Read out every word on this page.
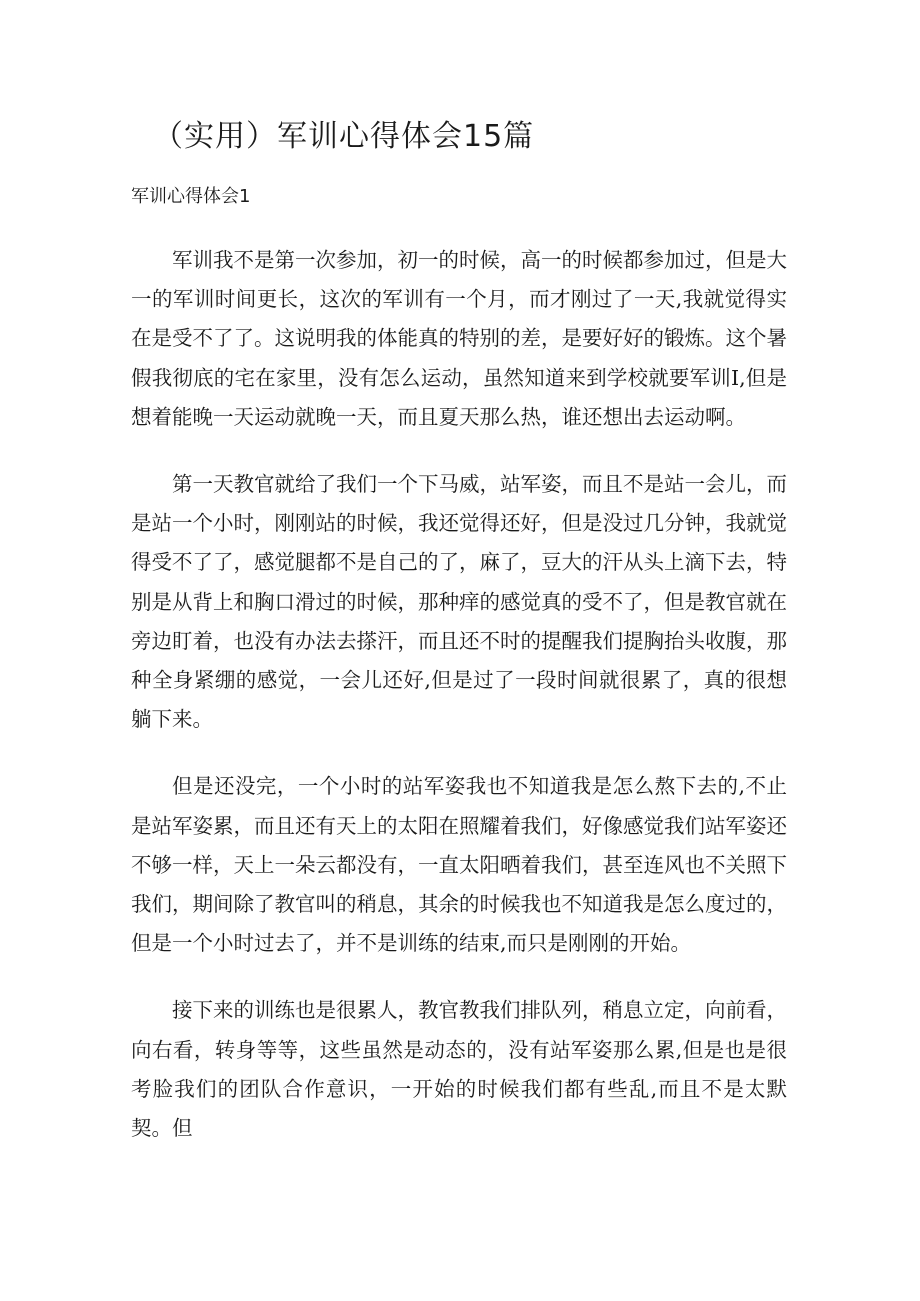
（实用）军训心得体会15篇
军训心得体会1

军训我不是第一次参加，初一的时候，高一的时候都参加过，但是大一的军训时间更长，这次的军训有一个月，而才刚过了一天,我就觉得实在是受不了了。这说明我的体能真的特别的差，是要好好的锻炼。这个暑假我彻底的宅在家里，没有怎么运动，虽然知道来到学校就要军训I,但是想着能晚一天运动就晚一天，而且夏天那么热，谁还想出去运动啊。

第一天教官就给了我们一个下马威，站军姿，而且不是站一会儿，而是站一个小时，刚刚站的时候，我还觉得还好，但是没过几分钟，我就觉得受不了了，感觉腿都不是自己的了，麻了，豆大的汗从头上滴下去，特别是从背上和胸口滑过的时候，那种痒的感觉真的受不了，但是教官就在旁边盯着，也没有办法去搽汗，而且还不时的提醒我们提胸抬头收腹，那种全身紧绷的感觉，一会儿还好,但是过了一段时间就很累了，真的很想躺下来。

但是还没完，一个小时的站军姿我也不知道我是怎么熬下去的,不止是站军姿累，而且还有天上的太阳在照耀着我们，好像感觉我们站军姿还不够一样，天上一朵云都没有，一直太阳晒着我们，甚至连风也不关照下我们，期间除了教官叫的稍息，其余的时候我也不知道我是怎么度过的，但是一个小时过去了，并不是训练的结束,而只是刚刚的开始。

接下来的训练也是很累人，教官教我们排队列，稍息立定，向前看，向右看，转身等等，这些虽然是动态的，没有站军姿那么累,但是也是很考脸我们的团队合作意识，一开始的时候我们都有些乱,而且不是太默契。但
